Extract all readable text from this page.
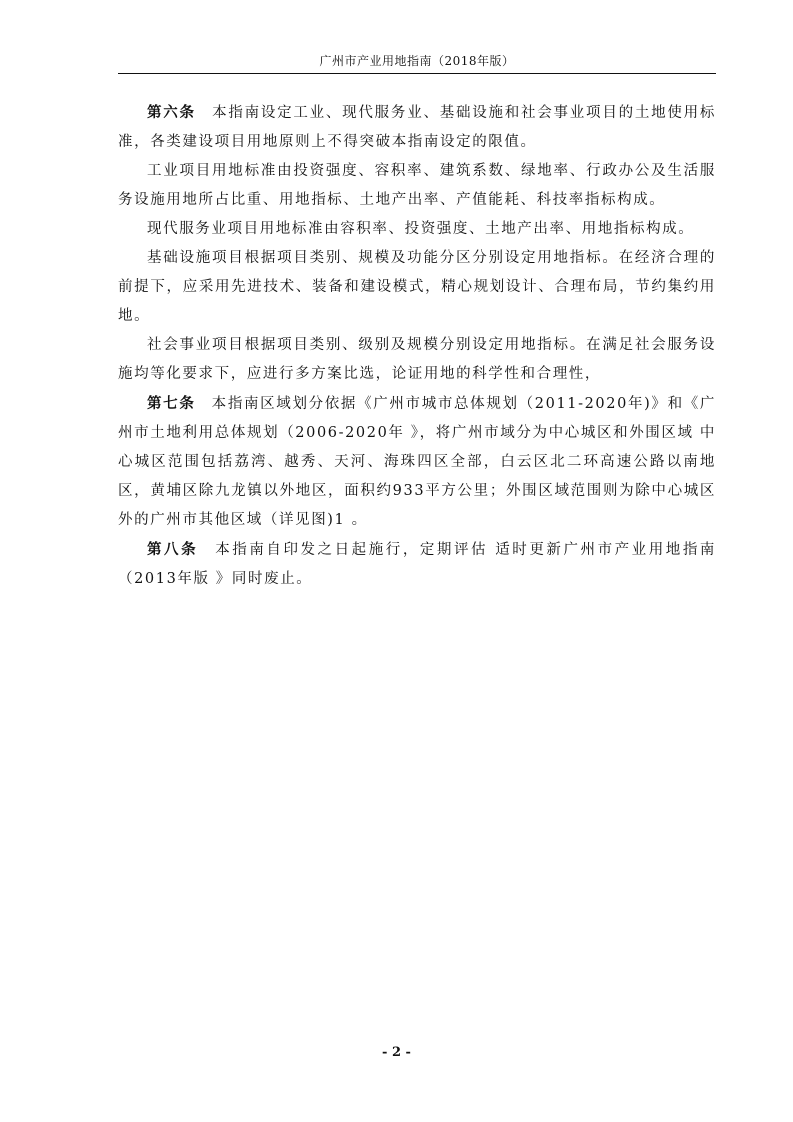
广州市产业用地指南（2018年版）

第六条　 本指南设定工业、现代服务业、基础设施和社会事业项目的土地使用标准，各类建设项目用地原则上不得突破本指南设定的限值。

工业项目用地标准由投资强度、容积率、建筑系数、绿地率、行政办公及生活服务设施用地所占比重、用地指标、土地产出率、产值能耗、科技率指标构成。

现代服务业项目用地标准由容积率、投资强度、土地产出率、用地指标构成。

基础设施项目根据项目类别、规模及功能分区分别设定用地指标。在经济合理的前提下，应采用先进技术、装备和建设模式，精心规划设计、合理布局，节约集约用地。

社会事业项目根据项目类别、级别及规模分别设定用地指标。在满足社会服务设施均等化要求下，应进行多方案比选，论证用地的科学性和合理性，

第七条　 本指南区域划分依据《广州市城市总体规划（2011-2020年)》和《广州市土地利用总体规划（2006-2020年 》，将广州市域分为中心城区和外围区域 中心城区范围包括荔湾、越秀、天河、海珠四区全部，白云区北二环高速公路以南地区，黄埔区除九龙镇以外地区，面积约933平方公里；外围区域范围则为除中心城区外的广州市其他区域（详见图)1 。

第八条　 本指南自印发之日起施行，定期评估 适时更新广州市产业用地指南（2013年版 》同时废止。

- 2 -
